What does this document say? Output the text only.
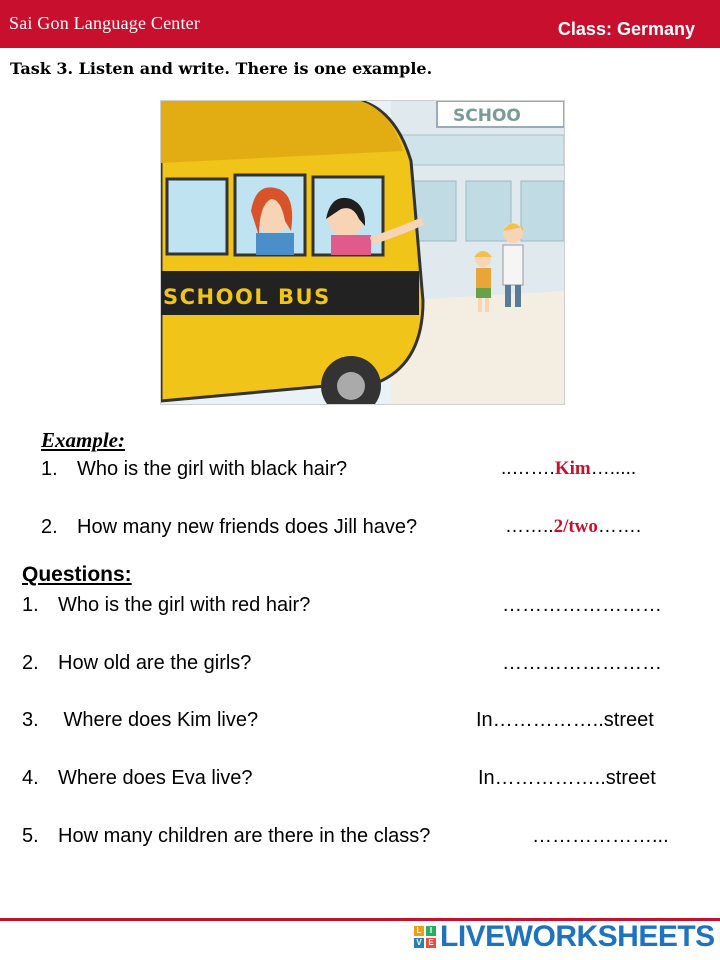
Sai Gon Language Center	Class: Germany
Task 3. Listen and write. There is one example.
SCHOO
SCHOOL BUS
Example:
1. Who is the girl with black hair?	..…….Kim….....
2. How many new friends does Jill have?	……..2/two…….
Questions:
1. Who is the girl with red hair?	……………………
2. How old are the girls?	……………………
3. Where does Kim live?	In……………..street
4. Where does Eva live?	In……………..street
5. How many children are there in the class?	………………...
L	I
V E LIVEWORKSHEETS
